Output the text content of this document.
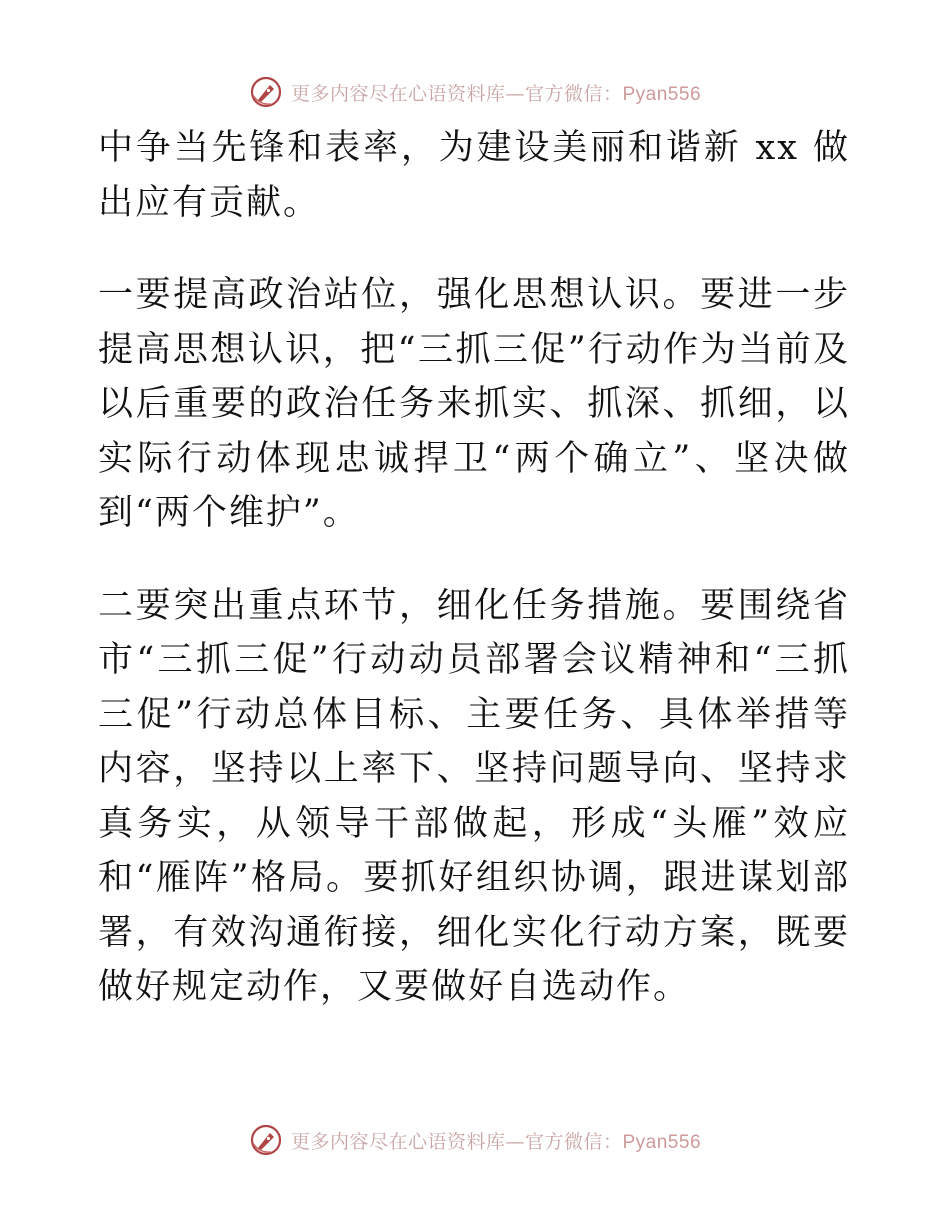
更多内容尽在心语资料库—官方微信：Pyan556

中争当先锋和表率，为建设美丽和谐新 xx 做出应有贡献。

一要提高政治站位，强化思想认识。要进一步提高思想认识，把“三抓三促”行动作为当前及以后重要的政治任务来抓实、抓深、抓细，以实际行动体现忠诚捍卫“两个确立”、坚决做到“两个维护”。

二要突出重点环节，细化任务措施。要围绕省市“三抓三促”行动动员部署会议精神和“三抓三促”行动总体目标、主要任务、具体举措等内容，坚持以上率下、坚持问题导向、坚持求真务实，从领导干部做起，形成“头雁”效应和“雁阵”格局。要抓好组织协调，跟进谋划部署，有效沟通衔接，细化实化行动方案，既要做好规定动作，又要做好自选动作。

更多内容尽在心语资料库—官方微信：Pyan556
